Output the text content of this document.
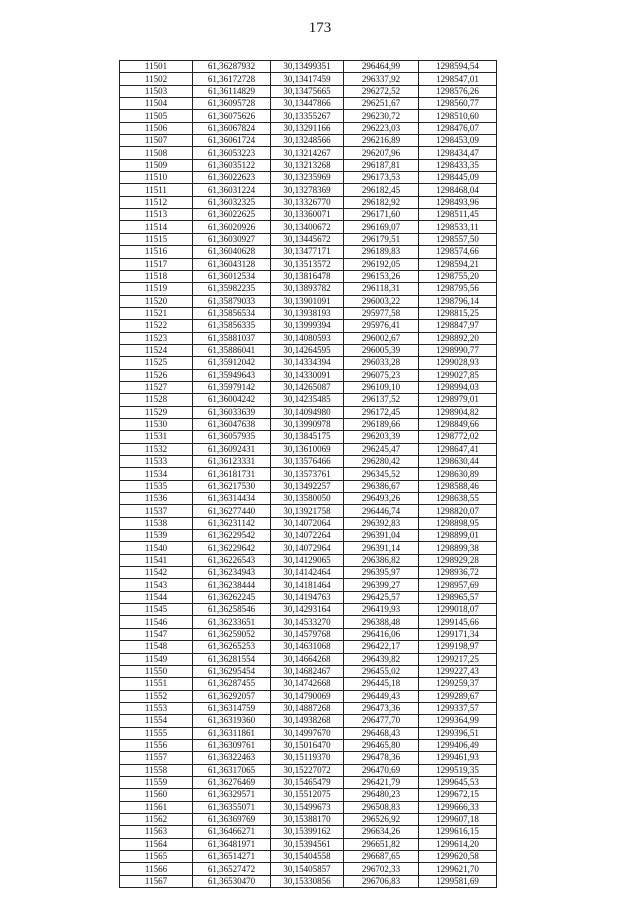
173
11501	61,36287932	30,13499351	296464,99	1298594,54
11502	61,36172728	30,13417459	296337,92	1298547,01
11503	61,36114829	30,13475665	296272,52	1298576,26
11504	61,36095728	30,13447866	296251,67	1298560,77
11505	61,36075626	30,13355267	296230,72	1298510,60
11506	61,36067824	30,13291166	296223,03	1298476,07
11507	61,36061724	30,13248566	296216,89	1298453,09
11508	61,36053223	30,13214267	296207,96	1298434,47
11509	61,36035122	30,13213268	296187,81	1298433,35
11510	61,36022623	30,13235969	296173,53	1298445,09
11511	61,36031224	30,13278369	296182,45	1298468,04
11512	61,36032325	30,13326770	296182,92	1298493,96
11513	61,36022625	30,13360071	296171,60	1298511,45
11514	61,36020926	30,13400672	296169,07	1298533,11
11515	61,36030927	30,13445672	296179,51	1298557,50
11516	61,36040628	30,13477171	296189,83	1298574,66
11517	61,36043128	30,13513572	296192,05	1298594,21
11518	61,36012534	30,13816478	296153,26	1298755,20
11519	61,35982235	30,13893782	296118,31	1298795,56
11520	61,35879033	30,13901091	296003,22	1298796,14
11521	61,35856534	30,13938193	295977,58	1298815,25
11522	61,35856335	30,13999394	295976,41	1298847,97
11523	61,35881037	30,14080593	296002,67	1298892,20
11524	61,35886041	30,14264595	296005,39	1298990,77
11525	61,35912042	30,14334394	296033,28	1299028,93
11526	61,35949643	30,14330091	296075,23	1299027,85
11527	61,35979142	30,14265087	296109,10	1298994,03
11528	61,36004242	30,14235485	296137,52	1298979,01
11529	61,36033639	30,14094980	296172,45	1298904,82
11530	61,36047638	30,13990978	296189,66	1298849,66
11531	61,36057935	30,13845175	296203,39	1298772,02
11532	61,36092431	30,13610069	296245,47	1298647,41
11533	61,36123331	30,13576466	296280,42	1298630,44
11534	61,36181731	30,13573761	296345,52	1298630,89
11535	61,36217530	30,13492257	296386,67	1298588,46
11536	61,36314434	30,13580050	296493,26	1298638,55
11537	61,36277440	30,13921758	296446,74	1298820,07
11538	61,36231142	30,14072064	296392,83	1298898,95
11539	61,36229542	30,14072264	296391,04	1298899,01
11540	61,36229642	30,14072964	296391,14	1298899,38
11541	61,36226543	30,14129065	296386,82	1298929,28
11542	61,36234943	30,14142464	296395,97	1298936,72
11543	61,36238444	30,14181464	296399,27	1298957,69
11544	61,36262245	30,14194763	296425,57	1298965,57
11545	61,36258546	30,14293164	296419,93	1299018,07
11546	61,36233651	30,14533270	296388,48	1299145,66
11547	61,36259052	30,14579768	296416,06	1299171,34
11548	61,36265253	30,14631068	296422,17	1299198,97
11549	61,36281554	30,14664268	296439,82	1299217,25
11550	61,36295454	30,14682467	296455,02	1299227,43
11551	61,36287455	30,14742668	296445,18	1299259,37
11552	61,36292057	30,14790069	296449,43	1299289,67
11553	61,36314759	30,14887268	296473,36	1299337,57
11554	61,36319360	30,14938268	296477,70	1299364,99
11555	61,36311861	30,14997670	296468,43	1299396,51
11556	61,36309761	30,15016470	296465,80	1299406,49
11557	61,36322463	30,15119370	296478,36	1299461,93
11558	61,36317065	30,15227072	296470,69	1299519,35
11559	61,36276469	30,15465479	296421,79	1299645,53
11560	61,36329571	30,15512075	296480,23	1299672,15
11561	61,36355071	30,15499673	296508,83	1299666,33
11562	61,36369769	30,15388170	296526,92	1299607,18
11563	61,36466271	30,15399162	296634,26	1299616,15
11564	61,36481971	30,15394561	296651,82	1299614,20
11565	61,36514271	30,15404558	296687,65	1299620,58
11566	61,36527472	30,15405857	296702,33	1299621,70
11567	61,36530470	30,15330856	296706,83	1299581,69
